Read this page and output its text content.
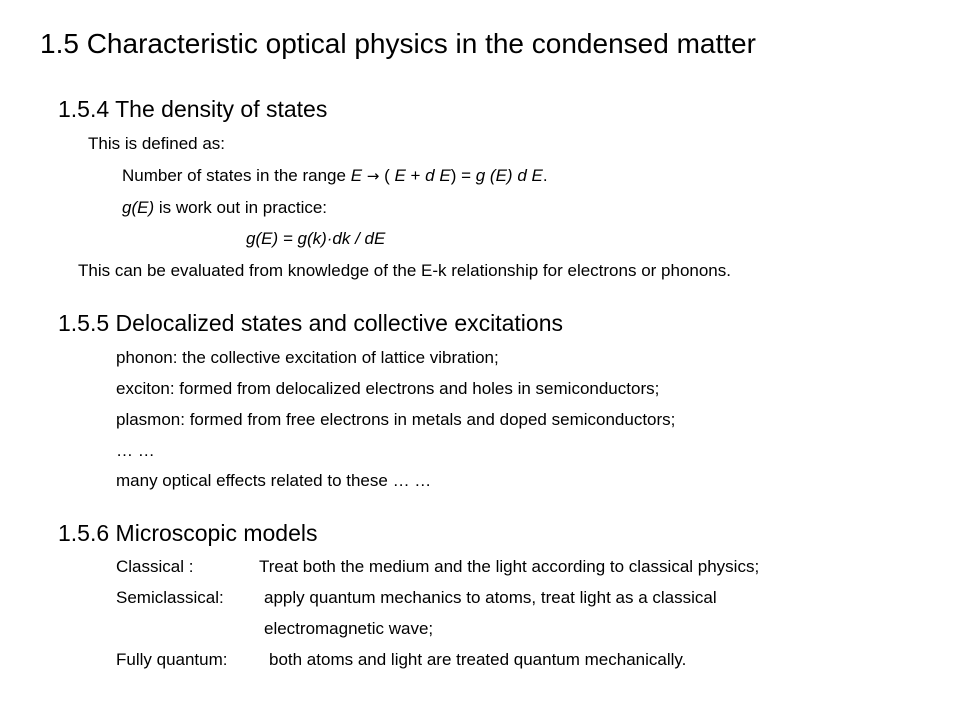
1.5 Characteristic optical physics in the condensed matter
1.5.4 The density of states
This is defined as:
Number of states in the range E → ( E + d E) = g (E) d E.
g(E) is work out in practice:
g(E) = g(k)·dk / dE
This can be evaluated from knowledge of the E-k relationship for electrons or phonons.
1.5.5 Delocalized states and collective excitations
phonon: the collective excitation of lattice vibration;
exciton: formed from delocalized electrons and holes in semiconductors;
plasmon: formed from free electrons in metals and doped semiconductors;
… …
many optical effects related to these … …
1.5.6 Microscopic models
Classical :	Treat both the medium and the light according to classical physics;
Semiclassical: apply quantum mechanics to atoms, treat light as a classical
electromagnetic wave;
Fully quantum: both atoms and light are treated quantum mechanically.
